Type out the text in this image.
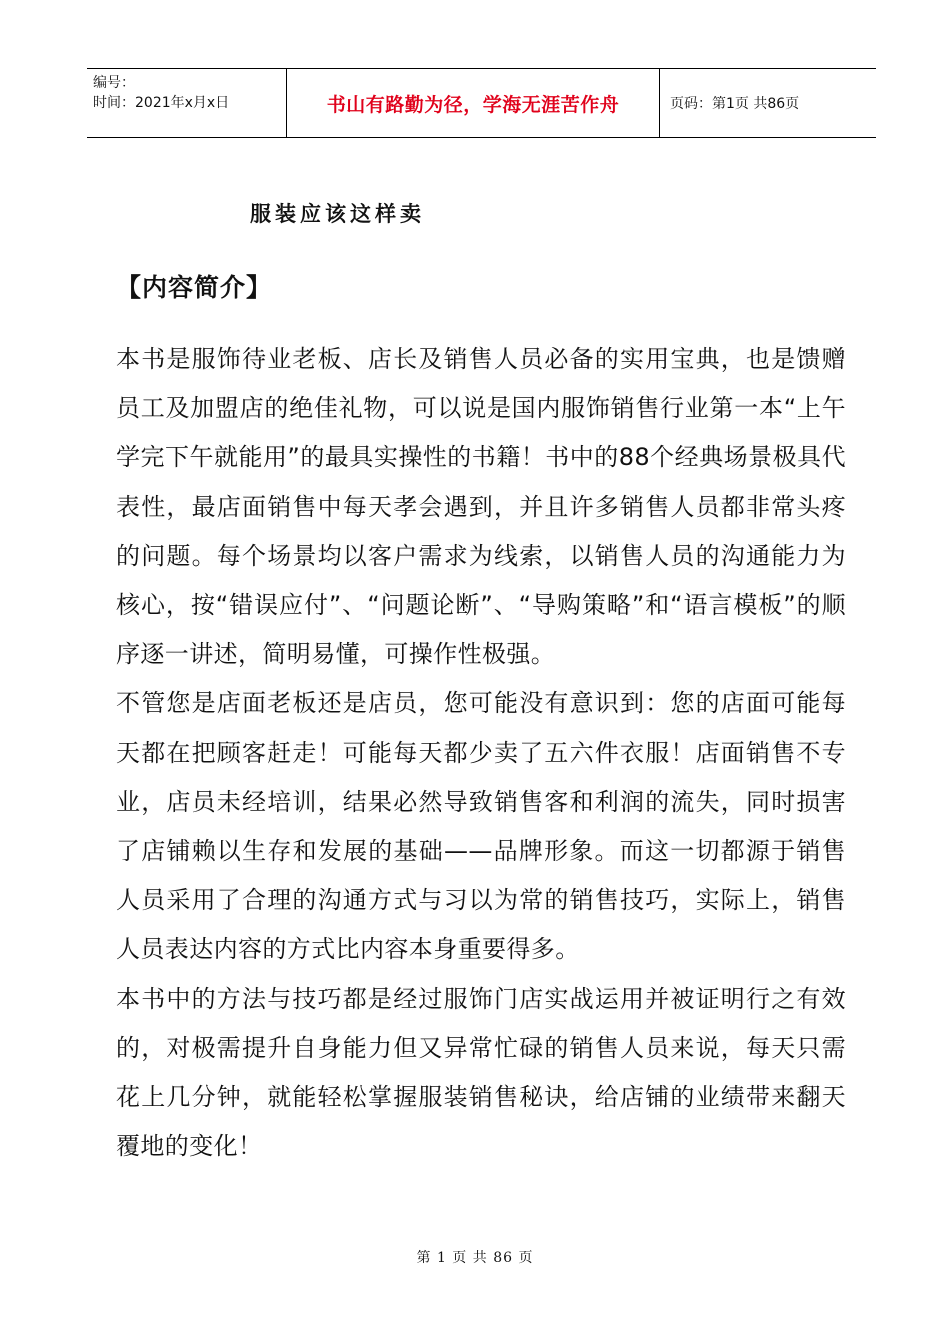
编号：
时间：2021年x月x日	书山有路勤为径，学海无涯苦作舟	页码：第1页 共86页
服装应该这样卖
【内容简介】

本书是服饰待业老板、店长及销售人员必备的实用宝典，也是馈赠员工及加盟店的绝佳礼物，可以说是国内服饰销售行业第一本“上午学完下午就能用”的最具实操性的书籍！书中的88个经典场景极具代表性，最店面销售中每天孝会遇到，并且许多销售人员都非常头疼的问题。每个场景均以客户需求为线索，以销售人员的沟通能力为核心，按“错误应付”、“问题论断”、“导购策略”和“语言模板”的顺序逐一讲述，简明易懂，可操作性极强。

不管您是店面老板还是店员，您可能没有意识到：您的店面可能每天都在把顾客赶走！可能每天都少卖了五六件衣服！店面销售不专业，店员未经培训，结果必然导致销售客和利润的流失，同时损害了店铺赖以生存和发展的基础——品牌形象。而这一切都源于销售人员采用了合理的沟通方式与习以为常的销售技巧，实际上，销售人员表达内容的方式比内容本身重要得多。

本书中的方法与技巧都是经过服饰门店实战运用并被证明行之有效的，对极需提升自身能力但又异常忙碌的销售人员来说，每天只需花上几分钟，就能轻松掌握服装销售秘诀，给店铺的业绩带来翻天覆地的变化！

第 1 页 共 86 页
